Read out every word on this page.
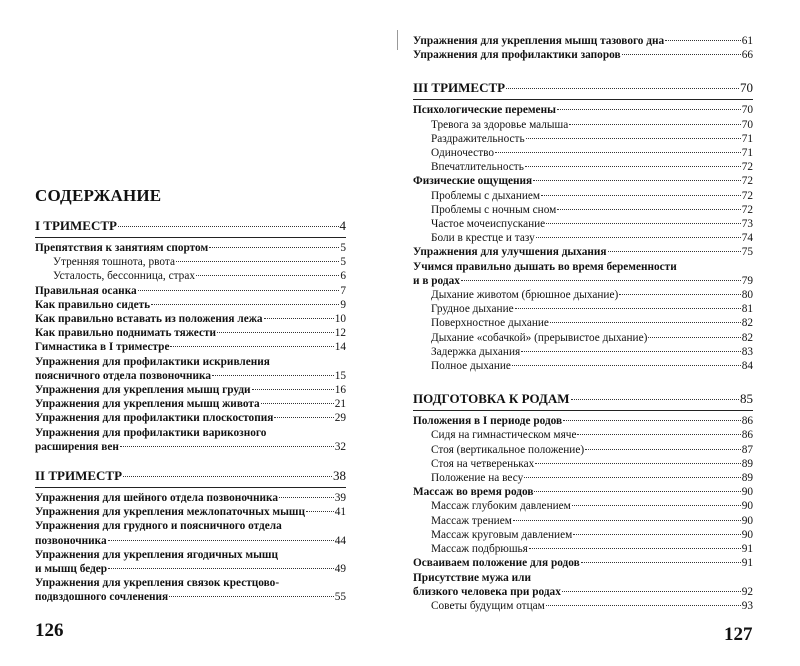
СОДЕРЖАНИЕ
I ТРИМЕСТР	4
Препятствия к занятиям спортом	5
Утренняя тошнота, рвота	5
Усталость, бессонница, страх	6
Правильная осанка	7
Как правильно сидеть	9
Как правильно вставать из положения лежа	10
Как правильно поднимать тяжести	12
Гимнастика в I триместре	14
Упражнения для профилактики искривления
поясничного отдела позвоночника	15
Упражнения для укрепления мышц груди	16
Упражнения для укрепления мышц живота	21
Упражнения для профилактики плоскостопия	29
Упражнения для профилактики варикозного
расширения вен	32
II ТРИМЕСТР	38
Упражнения для шейного отдела позвоночника	39
Упражнения для укрепления межлопаточных мышц	41
Упражнения для грудного и поясничного отдела
позвоночника	44
Упражнения для укрепления ягодичных мышц
и мышц бедер	49
Упражнения для укрепления связок крестцово-
подвздошного сочленения	55
Упражнения для укрепления мышц тазового дна	61
Упражнения для профилактики запоров	66
III ТРИМЕСТР	70
Психологические перемены	70
Тревога за здоровье малыша	70
Раздражительность	71
Одиночество	71
Впечатлительность	72
Физические ощущения	72
Проблемы с дыханием	72
Проблемы с ночным сном	72
Частое мочеиспускание	73
Боли в крестце и тазу	74
Упражнения для улучшения дыхания	75
Учимся правильно дышать во время беременности
и в родах	79
Дыхание животом (брюшное дыхание)	80
Грудное дыхание	81
Поверхностное дыхание	82
Дыхание «собачкой» (прерывистое дыхание)	82
Задержка дыхания	83
Полное дыхание	84
ПОДГОТОВКА К РОДАМ	85
Положения в I периоде родов	86
Сидя на гимнастическом мяче	86
Стоя (вертикальное положение)	87
Стоя на четвереньках	89
Положение на весу	89
Массаж во время родов	90
Массаж глубоким давлением	90
Массаж трением	90
Массаж круговым давлением	90
Массаж подбрюшья	91
Осваиваем положение для родов	91
Присутствие мужа или
близкого человека при родах	92
Советы будущим отцам	93
126	127
